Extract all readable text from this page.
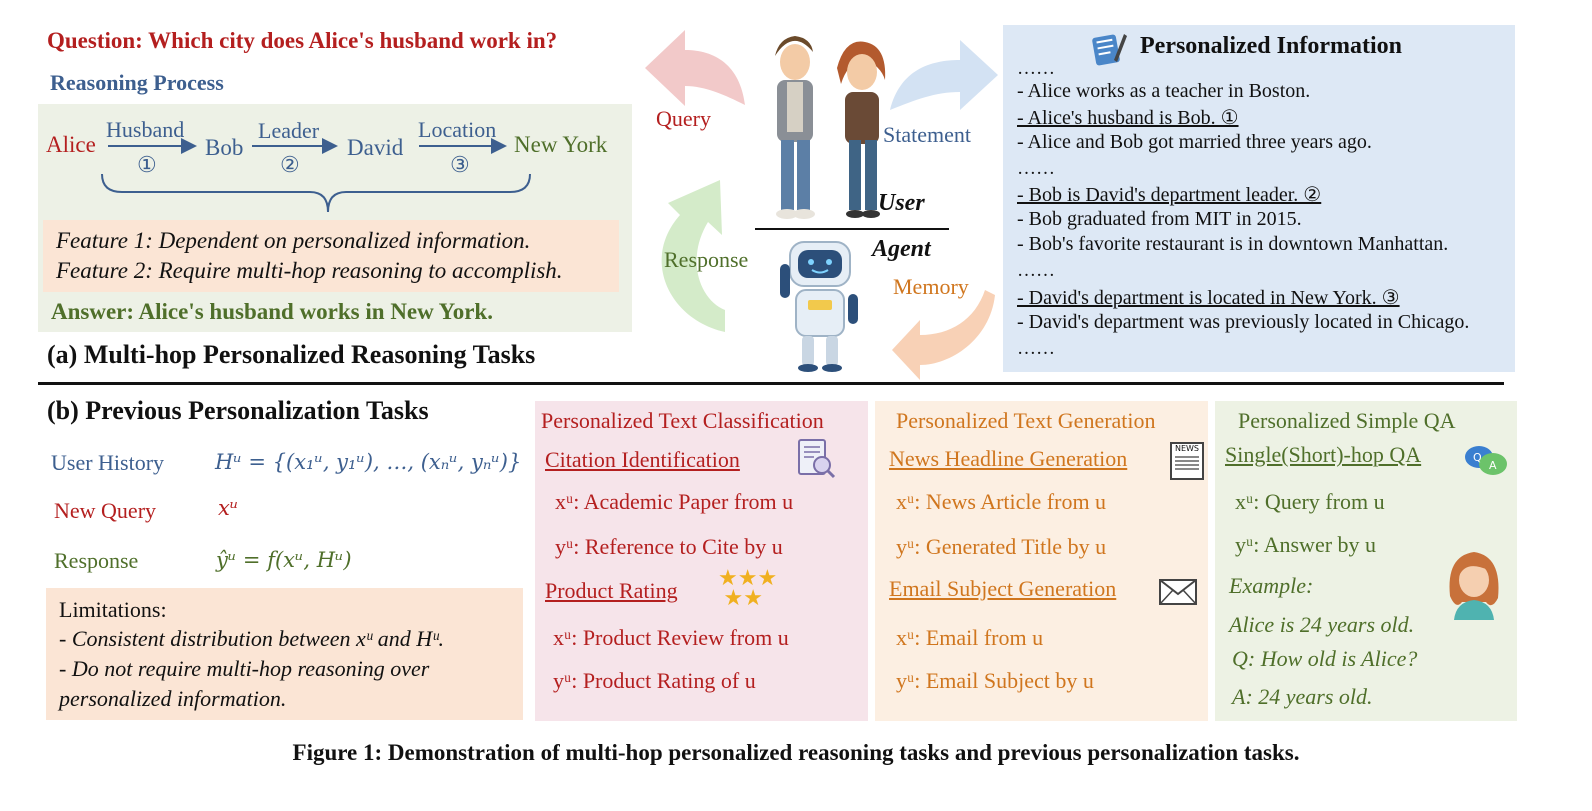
Question: Which city does Alice's husband work in?
Reasoning Process
Alice
Husband
①
Bob
Leader
②
David
Location
③
New York
Feature 1: Dependent on personalized information.
Feature 2: Require multi-hop reasoning to accomplish.
Answer: Alice's husband works in New York.
(a) Multi-hop Personalized Reasoning Tasks
Query
Statement
Response
Memory
User
Agent
Personalized Information
……
- Alice works as a teacher in Boston.
- Alice's husband is Bob. ①
- Alice and Bob got married three years ago.
……
- Bob is David's department leader. ②
- Bob graduated from MIT in 2015.
- Bob's favorite restaurant is in downtown Manhattan.
……
- David's department is located in New York. ③
- David's department was previously located in Chicago.
……
(b) Previous Personalization Tasks
User History Hᵘ = {(x₁ᵘ, y₁ᵘ), …, (xₙᵘ, yₙᵘ)}
New Query	xᵘ
Response	ŷᵘ = f(xᵘ, Hᵘ)
Limitations:
- Consistent distribution between xᵘ and Hᵘ.
- Do not require multi-hop reasoning over
personalized information.
Personalized Text Classification
Citation Identification
xᵘ: Academic Paper from u
yᵘ: Reference to Cite by u
Product Rating
★★★
★★
xᵘ: Product Review from u
yᵘ: Product Rating of u
Personalized Text Generation
News Headline Generation	NEWS
xᵘ: News Article from u
yᵘ: Generated Title by u
Email Subject Generation
xᵘ: Email from u
yᵘ: Email Subject by u
Personalized Simple QA
Single(Short)-hop QA	Q
A
xᵘ: Query from u
yᵘ: Answer by u
Example:
Alice is 24 years old.
Q: How old is Alice?
A: 24 years old.
Figure 1: Demonstration of multi-hop personalized reasoning tasks and previous personalization tasks.
